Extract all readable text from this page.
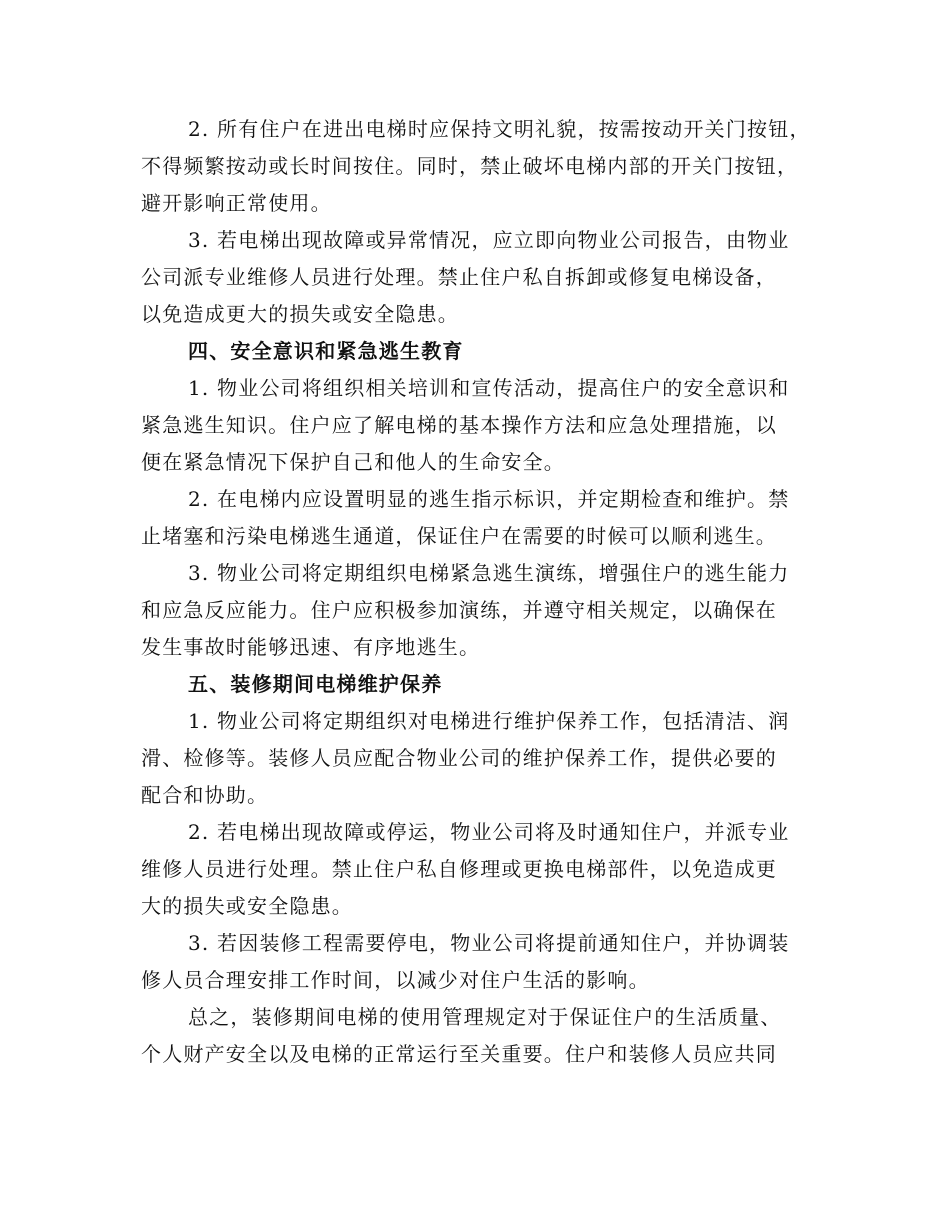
2. 所有住户在进出电梯时应保持文明礼貌，按需按动开关门按钮，
不得频繁按动或长时间按住。同时，禁止破坏电梯内部的开关门按钮，
避开影响正常使用。
3. 若电梯出现故障或异常情况，应立即向物业公司报告，由物业
公司派专业维修人员进行处理。禁止住户私自拆卸或修复电梯设备，
以免造成更大的损失或安全隐患。
四、安全意识和紧急逃生教育
1. 物业公司将组织相关培训和宣传活动，提高住户的安全意识和
紧急逃生知识。住户应了解电梯的基本操作方法和应急处理措施，以
便在紧急情况下保护自己和他人的生命安全。
2. 在电梯内应设置明显的逃生指示标识，并定期检查和维护。禁
止堵塞和污染电梯逃生通道，保证住户在需要的时候可以顺利逃生。
3. 物业公司将定期组织电梯紧急逃生演练，增强住户的逃生能力
和应急反应能力。住户应积极参加演练，并遵守相关规定，以确保在
发生事故时能够迅速、有序地逃生。
五、装修期间电梯维护保养
1. 物业公司将定期组织对电梯进行维护保养工作，包括清洁、润
滑、检修等。装修人员应配合物业公司的维护保养工作，提供必要的
配合和协助。
2. 若电梯出现故障或停运，物业公司将及时通知住户，并派专业
维修人员进行处理。禁止住户私自修理或更换电梯部件，以免造成更
大的损失或安全隐患。
3. 若因装修工程需要停电，物业公司将提前通知住户，并协调装
修人员合理安排工作时间，以减少对住户生活的影响。
总之，装修期间电梯的使用管理规定对于保证住户的生活质量、
个人财产安全以及电梯的正常运行至关重要。住户和装修人员应共同
